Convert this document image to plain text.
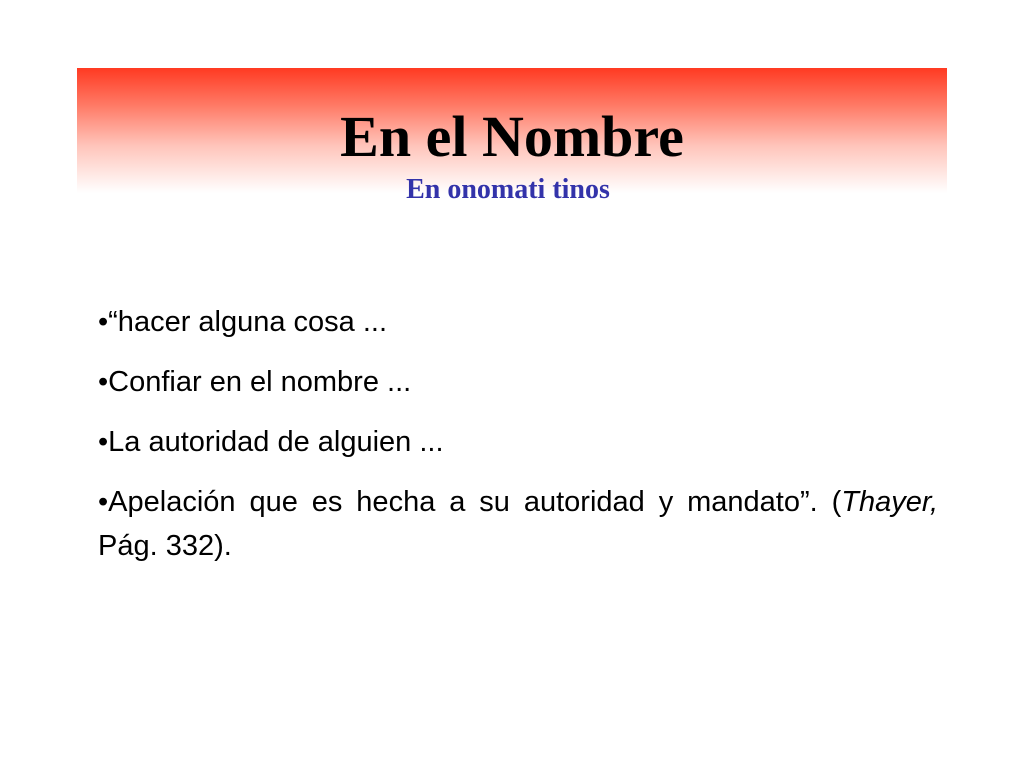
En el Nombre
En onomati tinos
•“hacer alguna cosa ...
•Confiar en el nombre ...
•La autoridad de alguien ...
•Apelación que es hecha a su autoridad y mandato”. (Thayer, Pág. 332).
